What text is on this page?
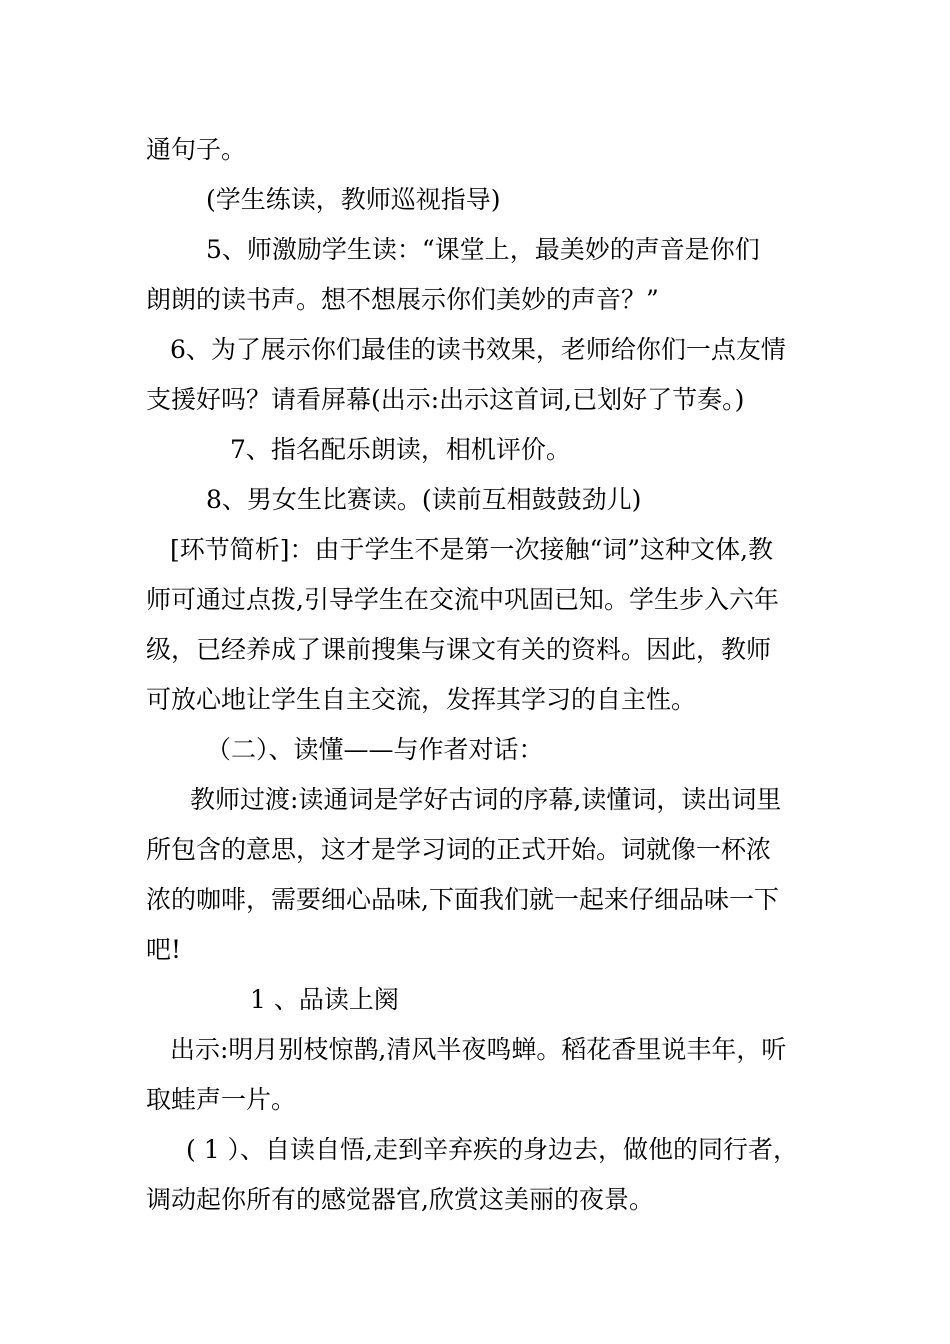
通句子。
(学生练读，教师巡视指导)
5、师激励学生读：“课堂上，最美妙的声音是你们
朗朗的读书声。想不想展示你们美妙的声音？”
6、为了展示你们最佳的读书效果，老师给你们一点友情
支援好吗？请看屏幕(出示:出示这首词,已划好了节奏。)
7、指名配乐朗读，相机评价。
8、男女生比赛读。(读前互相鼓鼓劲儿)
[环节简析]：由于学生不是第一次接触“词”这种文体,教
师可通过点拨,引导学生在交流中巩固已知。学生步入六年
级，已经养成了课前搜集与课文有关的资料。因此，教师
可放心地让学生自主交流，发挥其学习的自主性。
（二）、读懂——与作者对话：
教师过渡:读通词是学好古词的序幕,读懂词，读出词里
所包含的意思，这才是学习词的正式开始。词就像一杯浓
浓的咖啡，需要细心品味,下面我们就一起来仔细品味一下
吧!
1 、品读上阕
出示:明月别枝惊鹊,清风半夜鸣蝉。稻花香里说丰年，听
取蛙声一片。
( 1 ）、自读自悟,走到辛弃疾的身边去，做他的同行者，
调动起你所有的感觉器官,欣赏这美丽的夜景。
